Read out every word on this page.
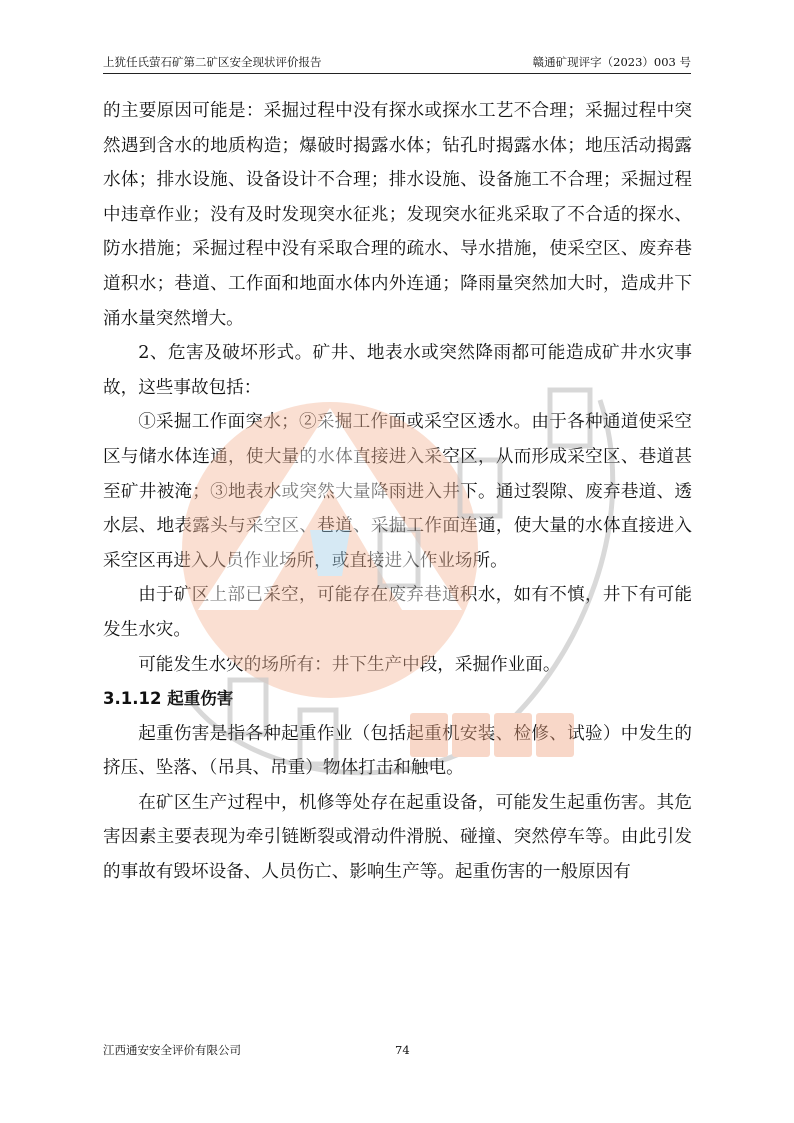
上犹任氏萤石矿第二矿区安全现状评价报告	赣通矿现评字（2023）003 号

的主要原因可能是：采掘过程中没有探水或探水工艺不合理；采掘过程中突然遇到含水的地质构造；爆破时揭露水体；钻孔时揭露水体；地压活动揭露水体；排水设施、设备设计不合理；排水设施、设备施工不合理；采掘过程中违章作业；没有及时发现突水征兆；发现突水征兆采取了不合适的探水、防水措施；采掘过程中没有采取合理的疏水、导水措施，使采空区、废弃巷道积水；巷道、工作面和地面水体内外连通；降雨量突然加大时，造成井下涌水量突然增大。

2、危害及破坏形式。矿井、地表水或突然降雨都可能造成矿井水灾事故，这些事故包括：

①采掘工作面突水；②采掘工作面或采空区透水。由于各种通道使采空区与储水体连通，使大量的水体直接进入采空区，从而形成采空区、巷道甚至矿井被淹；③地表水或突然大量降雨进入井下。通过裂隙、废弃巷道、透水层、地表露头与采空区、巷道、采掘工作面连通，使大量的水体直接进入采空区再进入人员作业场所，或直接进入作业场所。

由于矿区上部已采空，可能存在废弃巷道积水，如有不慎，井下有可能发生水灾。

可能发生水灾的场所有：井下生产中段，采掘作业面。

3.1.12 起重伤害

起重伤害是指各种起重作业（包括起重机安装、检修、试验）中发生的挤压、坠落、（吊具、吊重）物体打击和触电。

在矿区生产过程中，机修等处存在起重设备，可能发生起重伤害。其危害因素主要表现为牵引链断裂或滑动件滑脱、碰撞、突然停车等。由此引发的事故有毁坏设备、人员伤亡、影响生产等。起重伤害的一般原因有

江西通安安全评价有限公司	74
